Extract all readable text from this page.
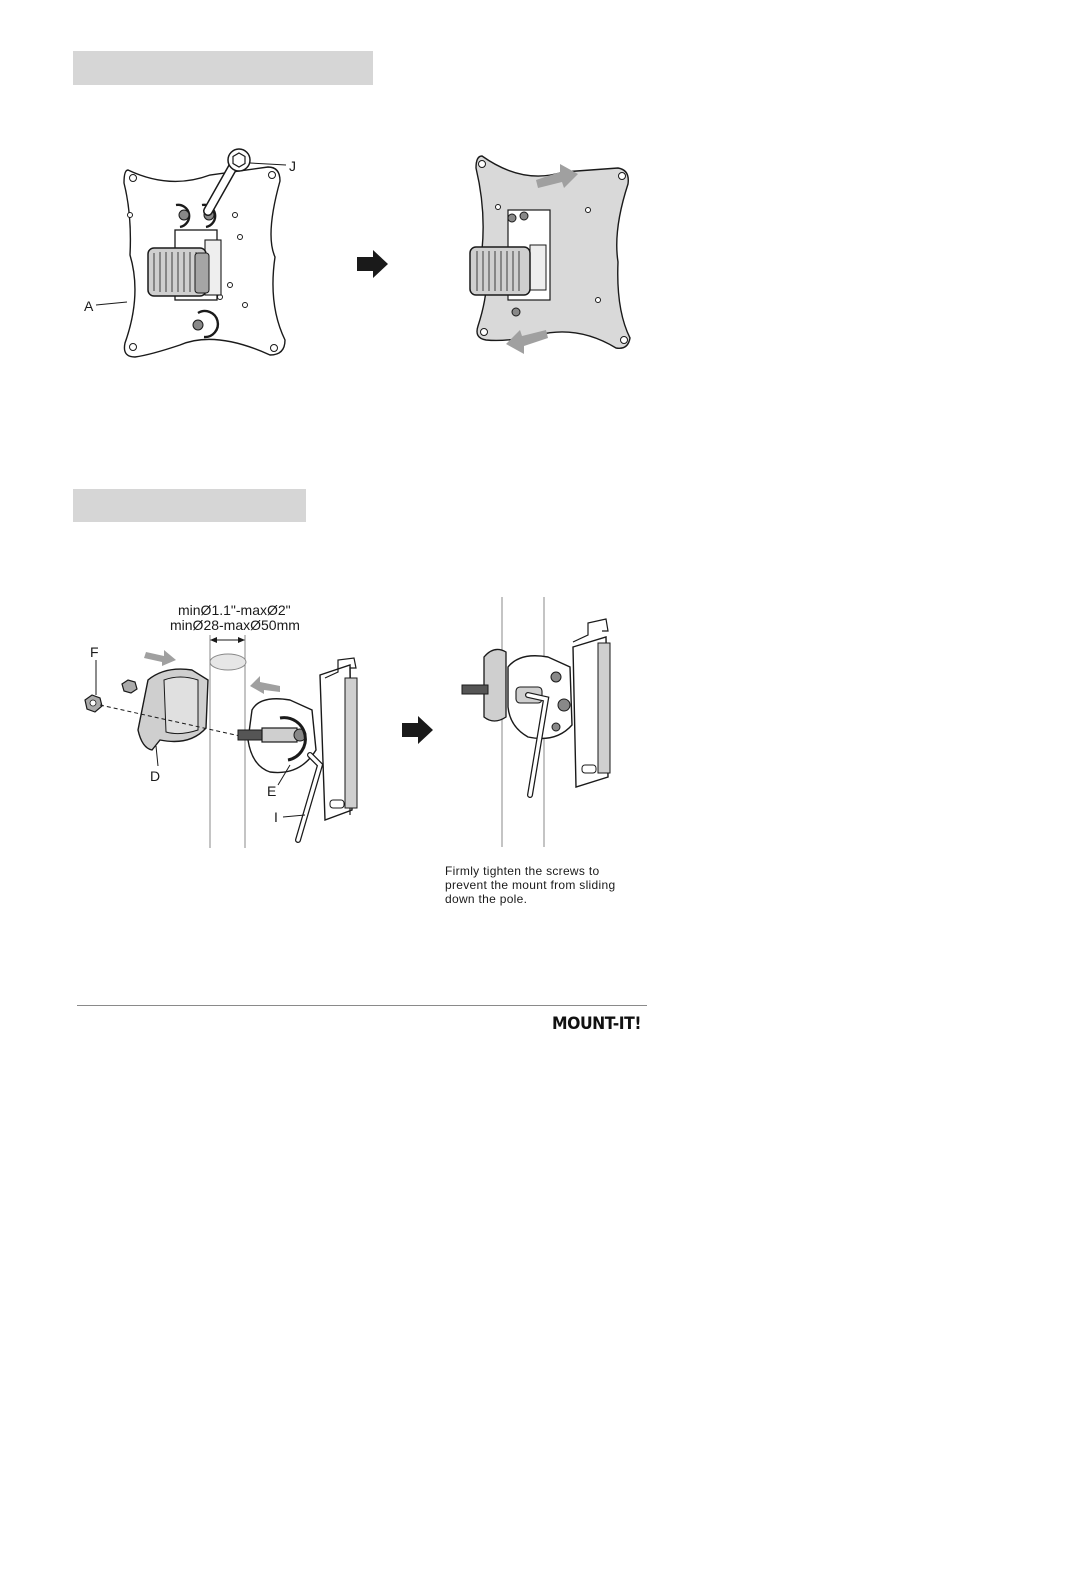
J
A
minØ1.1"-maxØ2"
minØ28-maxØ50mm
F
D
E
I
Firmly tighten the screws to
prevent the mount from sliding
down the pole.
MOUNT-IT!
